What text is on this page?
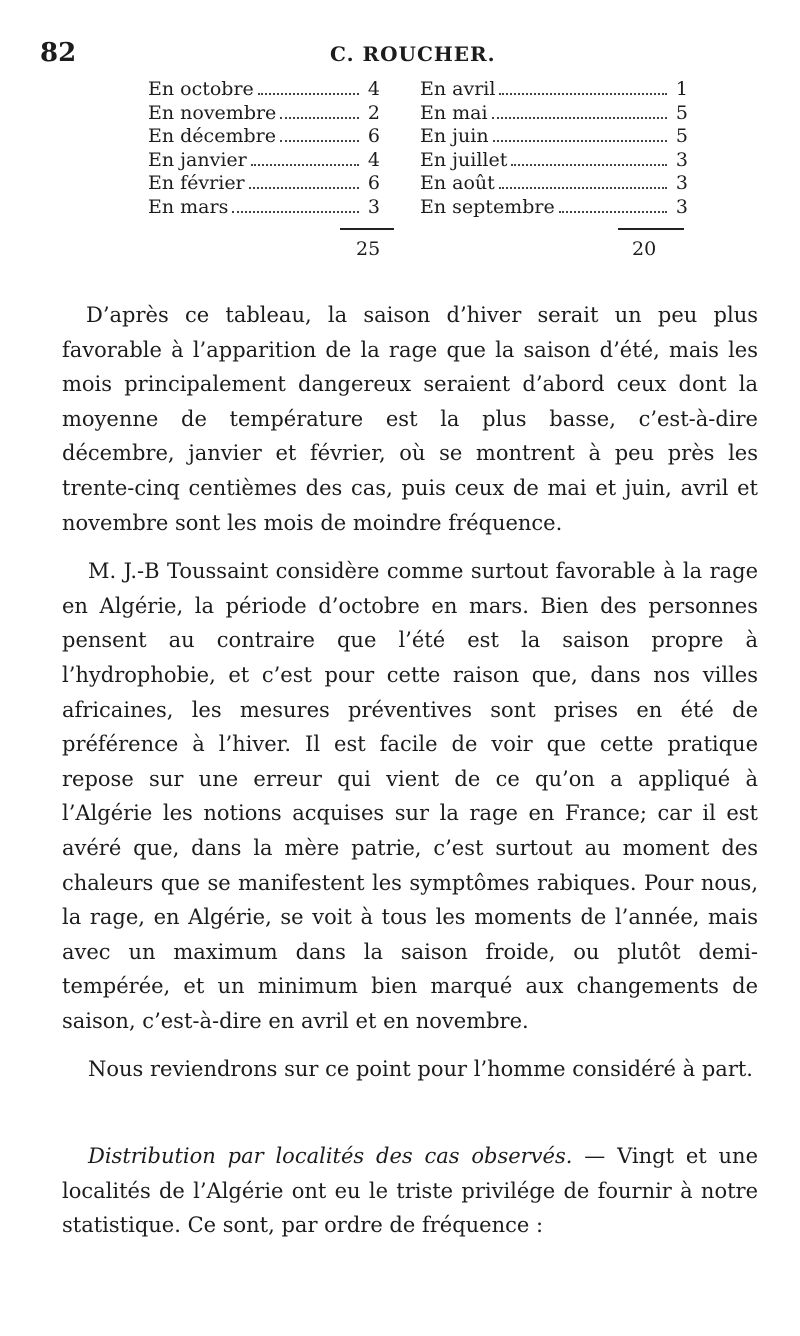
82	C. ROUCHER.
En octobre	4
En novembre	2
En décembre	6
En janvier	4
En février	6
En mars	3
En avril	1
En mai	5
En juin	5
En juillet	3
En août	3
En septembre	3
25	20

D’après ce tableau, la saison d’hiver serait un peu plus favorable à l’apparition de la rage que la saison d’été, mais les mois principalement dangereux seraient d’abord ceux dont la moyenne de température est la plus basse, c’est-à-dire décembre, janvier et février, où se montrent à peu près les trente-cinq centièmes des cas, puis ceux de mai et juin, avril et novembre sont les mois de moindre fréquence.

M. J.-B Toussaint considère comme surtout favorable à la rage en Algérie, la période d’octobre en mars. Bien des personnes pensent au contraire que l’été est la saison propre à l’hydrophobie, et c’est pour cette raison que, dans nos villes africaines, les mesures préventives sont prises en été de préférence à l’hiver. Il est facile de voir que cette pratique repose sur une erreur qui vient de ce qu’on a appliqué à l’Algérie les notions acquises sur la rage en France; car il est avéré que, dans la mère patrie, c’est surtout au moment des chaleurs que se manifestent les symptômes rabiques. Pour nous, la rage, en Algérie, se voit à tous les moments de l’année, mais avec un maximum dans la saison froide, ou plutôt demi-tempérée, et un minimum bien marqué aux changements de saison, c’est-à-dire en avril et en novembre.

Nous reviendrons sur ce point pour l’homme considéré à part.

Distribution par localités des cas observés. — Vingt et une localités de l’Algérie ont eu le triste privilége de fournir à notre statistique. Ce sont, par ordre de fréquence :
